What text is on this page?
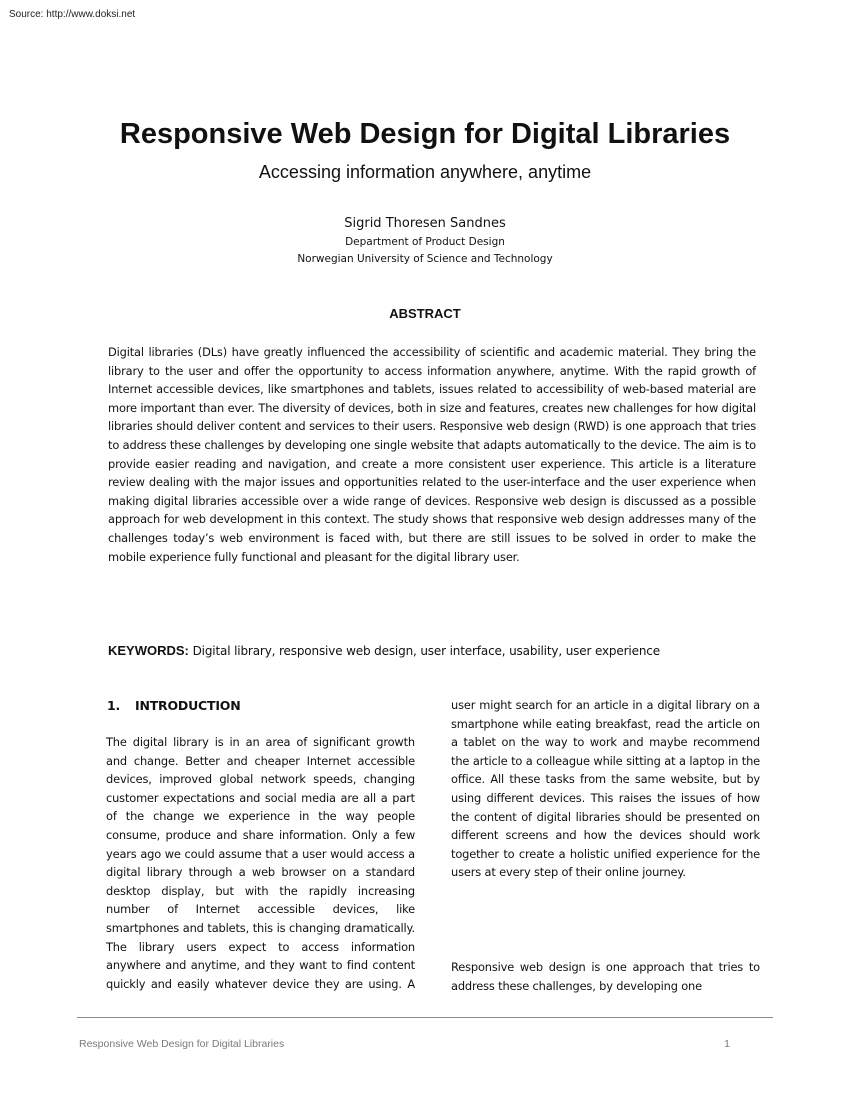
Source: http://www.doksi.net
Responsive Web Design for Digital Libraries
Accessing information anywhere, anytime
Sigrid Thoresen Sandnes
Department of Product Design
Norwegian University of Science and Technology
ABSTRACT

Digital libraries (DLs) have greatly influenced the accessibility of scientific and academic material. They bring the library to the user and offer the opportunity to access information anywhere, anytime. With the rapid growth of Internet accessible devices, like smartphones and tablets, issues related to accessibility of web-based material are more important than ever. The diversity of devices, both in size and features, creates new challenges for how digital libraries should deliver content and services to their users. Responsive web design (RWD) is one approach that tries to address these challenges by developing one single website that adapts automatically to the device. The aim is to provide easier reading and navigation, and create a more consistent user experience. This article is a literature review dealing with the major issues and opportunities related to the user-interface and the user experience when making digital libraries accessible over a wide range of devices. Responsive web design is discussed as a possible approach for web development in this context. The study shows that responsive web design addresses many of the challenges today’s web environment is faced with, but there are still issues to be solved in order to make the mobile experience fully functional and pleasant for the digital library user.

KEYWORDS: Digital library, responsive web design, user interface, usability, user experience
1. INTRODUCTION

The digital library is in an area of significant growth and change. Better and cheaper Internet accessible devices, improved global network speeds, changing customer expectations and social media are all a part of the change we experience in the way people consume, produce and share information. Only a few years ago we could assume that a user would access a digital library through a web browser on a standard desktop display, but with the rapidly increasing number of Internet accessible devices, like smartphones and tablets, this is changing dramatically. The library users expect to access information anywhere and anytime, and they want to find content quickly and easily whatever device they are using. A

user might search for an article in a digital library on a smartphone while eating breakfast, read the article on a tablet on the way to work and maybe recommend the article to a colleague while sitting at a laptop in the office. All these tasks from the same website, but by using different devices. This raises the issues of how the content of digital libraries should be presented on different screens and how the devices should work together to create a holistic unified experience for the users at every step of their online journey.

Responsive web design is one approach that tries to address these challenges, by developing one

Responsive Web Design for Digital Libraries	1
